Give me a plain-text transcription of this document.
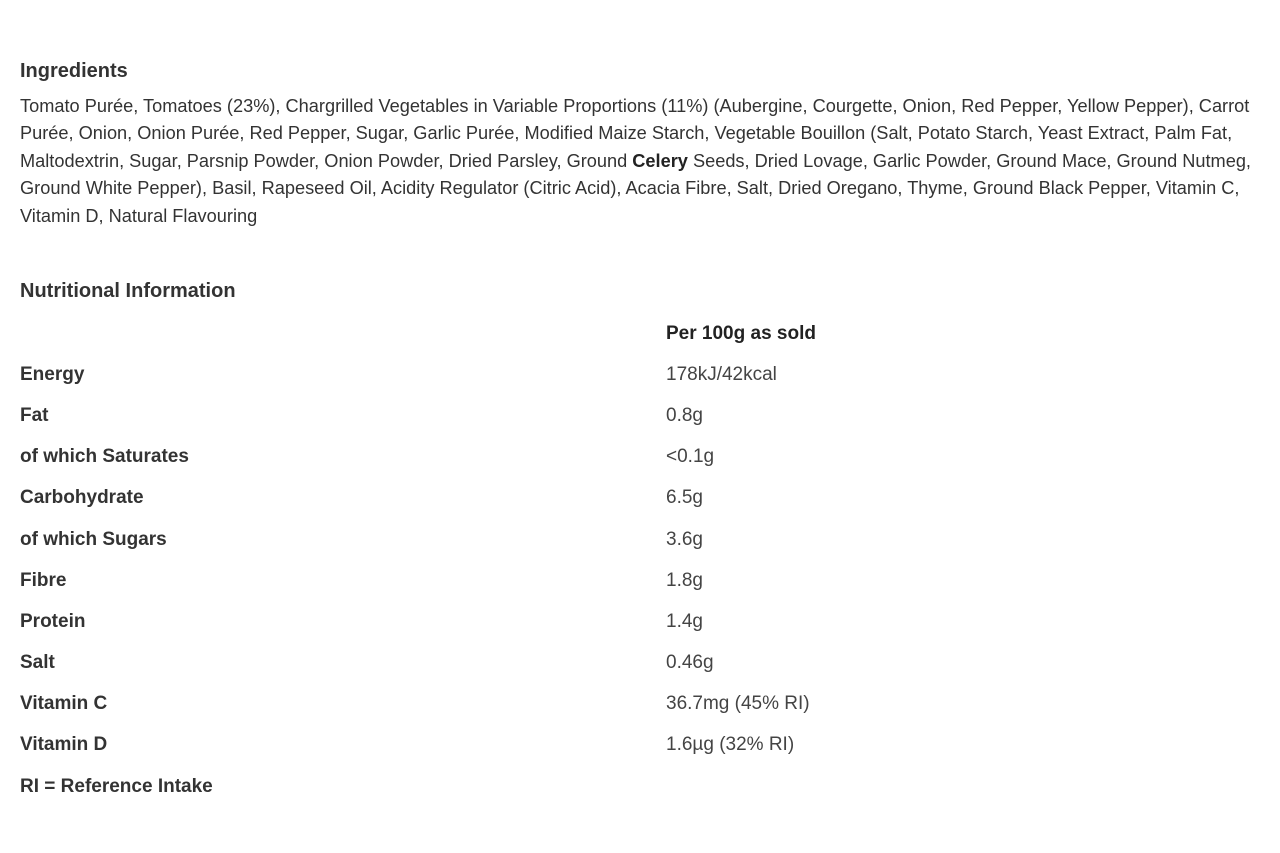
Ingredients

Tomato Purée, Tomatoes (23%), Chargrilled Vegetables in Variable Proportions (11%) (Aubergine, Courgette, Onion, Red Pepper, Yellow Pepper), Carrot Purée, Onion, Onion Purée, Red Pepper, Sugar, Garlic Purée, Modified Maize Starch, Vegetable Bouillon (Salt, Potato Starch, Yeast Extract, Palm Fat, Maltodextrin, Sugar, Parsnip Powder, Onion Powder, Dried Parsley, Ground Celery Seeds, Dried Lovage, Garlic Powder, Ground Mace, Ground Nutmeg, Ground White Pepper), Basil, Rapeseed Oil, Acidity Regulator (Citric Acid), Acacia Fibre, Salt, Dried Oregano, Thyme, Ground Black Pepper, Vitamin C, Vitamin D, Natural Flavouring

Nutritional Information
	Per 100g as sold
Energy	178kJ/42kcal
Fat	0.8g
of which Saturates	<0.1g
Carbohydrate	6.5g
of which Sugars	3.6g
Fibre	1.8g
Protein	1.4g
Salt	0.46g
Vitamin C	36.7mg (45% RI)
Vitamin D	1.6µg (32% RI)
RI = Reference Intake
